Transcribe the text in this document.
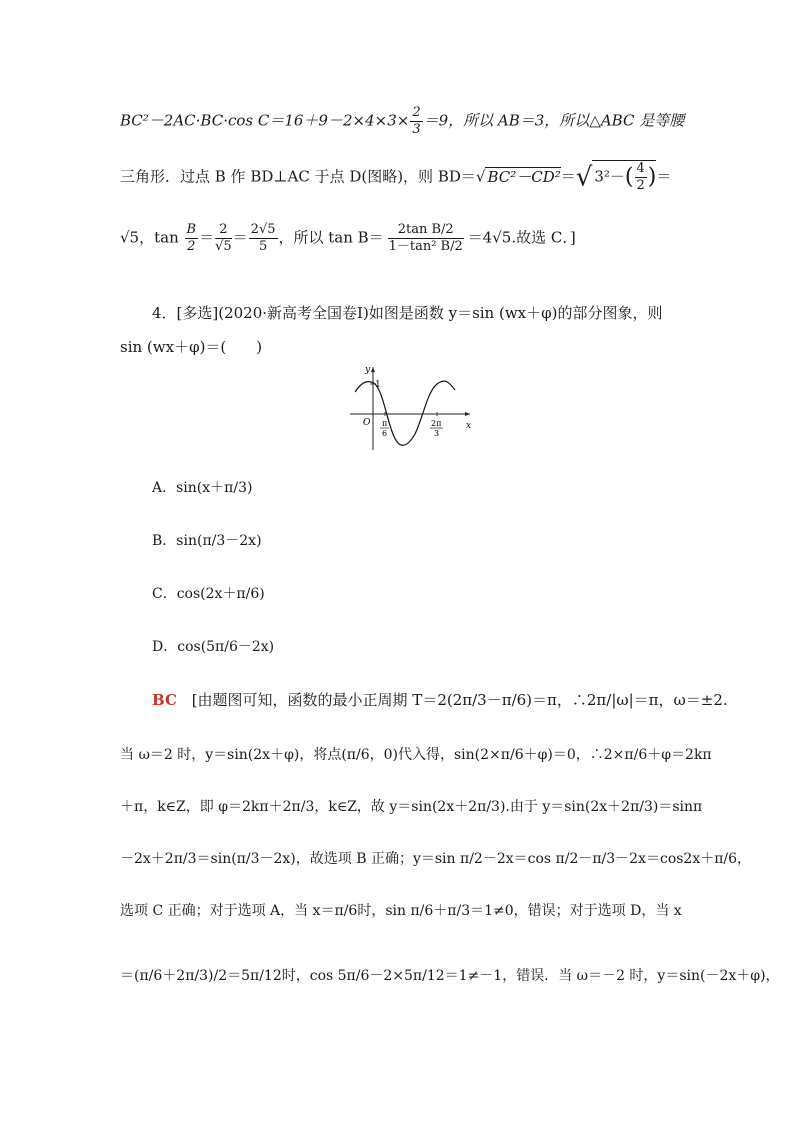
BC²－2AC·BC·cos $C=16+9-2\times 4\times 3\times \frac{2}{3} =9$，所以 AB＝3，所以△ABC 是等腰
三角形．过点 B 作 BD⊥AC 于点 D(图略)，则 BD＝√ BC²－CD²＝√ $3^2-( \frac{4}{2}$ )＝
√5，$\tan \frac{B}{2} = \frac{2}{√5} = \frac{2√5}{5}$ ，所以 $\tan B= \frac{\text{2tan B/2}}{\text{1－tan² B/2}} =4√5$.故选 C．]
4．[多选](2020·新高考全国卷Ⅰ)如图是函数 y＝sin (wx＋φ)的部分图象，则
sin (wx＋φ)＝(　　)
y
x
O
1
π
6
2π
3
A．sin(x＋π/3)
B．sin(π/3－2x)
C．cos(2x＋π/6)
D．cos(5π/6－2x)
BC [由题图可知，函数的最小正周期 T＝2(2π/3－π/6)＝π，∴2π/|ω|＝π，ω＝±2.
当 ω＝2 时，y＝sin(2x＋φ)，将点(π/6，0)代入得，sin(2×π/6＋φ)＝0，∴2×π/6＋φ＝2kπ
＋π，k∈Z，即 φ＝2kπ＋2π/3，k∈Z，故 y＝sin(2x＋2π/3).由于 y＝sin(2x＋2π/3)＝sinπ
－2x＋2π/3＝sin(π/3－2x)，故选项 B 正确；y＝sin π/2－2x＝cos π/2－π/3－2x＝cos2x＋π/6，
选项 C 正确；对于选项 A，当 x＝π/6时，sin π/6＋π/3＝1≠0，错误；对于选项 D，当 x
＝(π/6＋2π/3)/2＝5π/12时，cos 5π/6－2×5π/12＝1≠－1，错误．当 ω＝－2 时，y＝sin(－2x＋φ)，
